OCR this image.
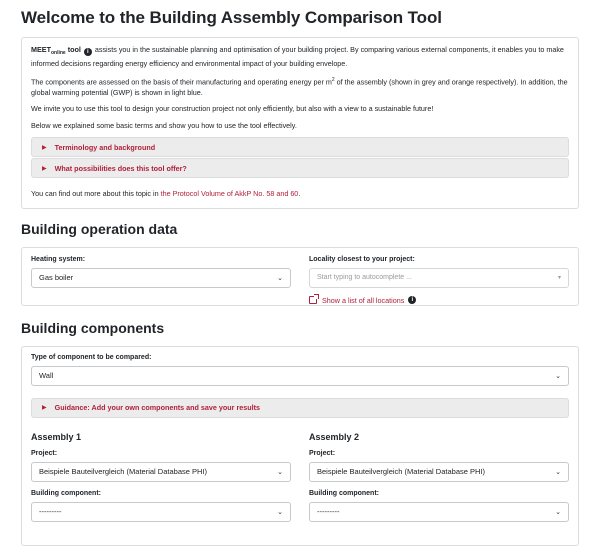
Welcome to the Building Assembly Comparison Tool

$MEET_{online}$ tool i assists you in the sustainable planning and optimisation of your building project. By comparing various external components, it enables you to make informed decisions regarding energy efficiency and environmental impact of your building envelope.

The components are assessed on the basis of their manufacturing and operating energy per $m^2$ of the assembly (shown in grey and orange respectively). In addition, the global warming potential (GWP) is shown in light blue.

We invite you to use this tool to design your construction project not only efficiently, but also with a view to a sustainable future!

Below we explained some basic terms and show you how to use the tool effectively.

▶ Terminology and background
▶ What possibilities does this tool offer?

You can find out more about this topic in the Protocol Volume of AkkP No. 58 and 60.

Building operation data
Heating system:
Gas boiler	⌄
Locality closest to your project:
Start typing to autocomplete ...	▾
Show a list of all locations	i
Building components
Type of component to be compared:
Wall	⌄
▶ Guidance: Add your own components and save your results
Assembly 1
Project:
Beispiele Bauteilvergleich (Material Database PHI)	⌄
Building component:
---------	⌄
Assembly 2
Project:
Beispiele Bauteilvergleich (Material Database PHI)	⌄
Building component:
---------	⌄
